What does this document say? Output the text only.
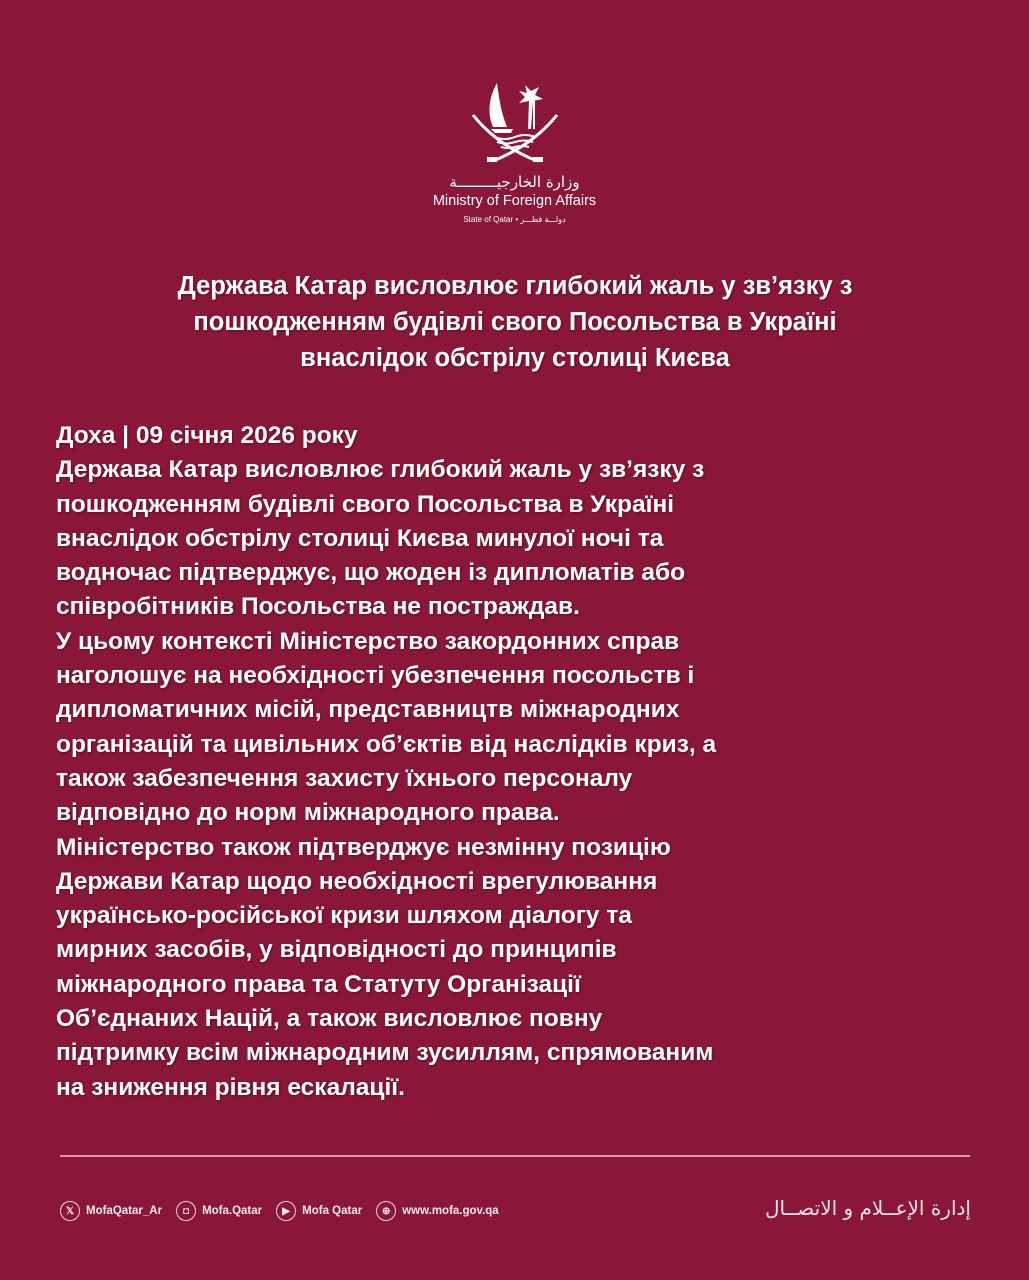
وزارة الخارجيـــــــــة
Ministry of Foreign Affairs
State of Qatar • دولـــة قطـــر
Держава Катар висловлює глибокий жаль у зв’язку з
пошкодженням будівлі свого Посольства в Україні
внаслідок обстрілу столиці Києва
Доха | 09 січня 2026 року
Держава Катар висловлює глибокий жаль у зв’язку з
пошкодженням будівлі свого Посольства в Україні
внаслідок обстрілу столиці Києва минулої ночі та
водночас підтверджує, що жоден із дипломатів або
співробітників Посольства не постраждав.
У цьому контексті Міністерство закордонних справ
наголошує на необхідності убезпечення посольств і
дипломатичних місій, представництв міжнародних
організацій та цивільних об’єктів від наслідків криз, а
також забезпечення захисту їхнього персоналу
відповідно до норм міжнародного права.
Міністерство також підтверджує незмінну позицію
Держави Катар щодо необхідності врегулювання
українсько-російської кризи шляхом діалогу та
мирних засобів, у відповідності до принципів
міжнародного права та Статуту Організації
Об’єднаних Націй, а також висловлює повну
підтримку всім міжнародним зусиллям, спрямованим
на зниження рівня ескалації.
𝕏	MofaQatar_Ar	◘	Mofa.Qatar	▶	Mofa Qatar	⊕	www.mofa.gov.qa	إدارة الإعــلام و الاتصــال
